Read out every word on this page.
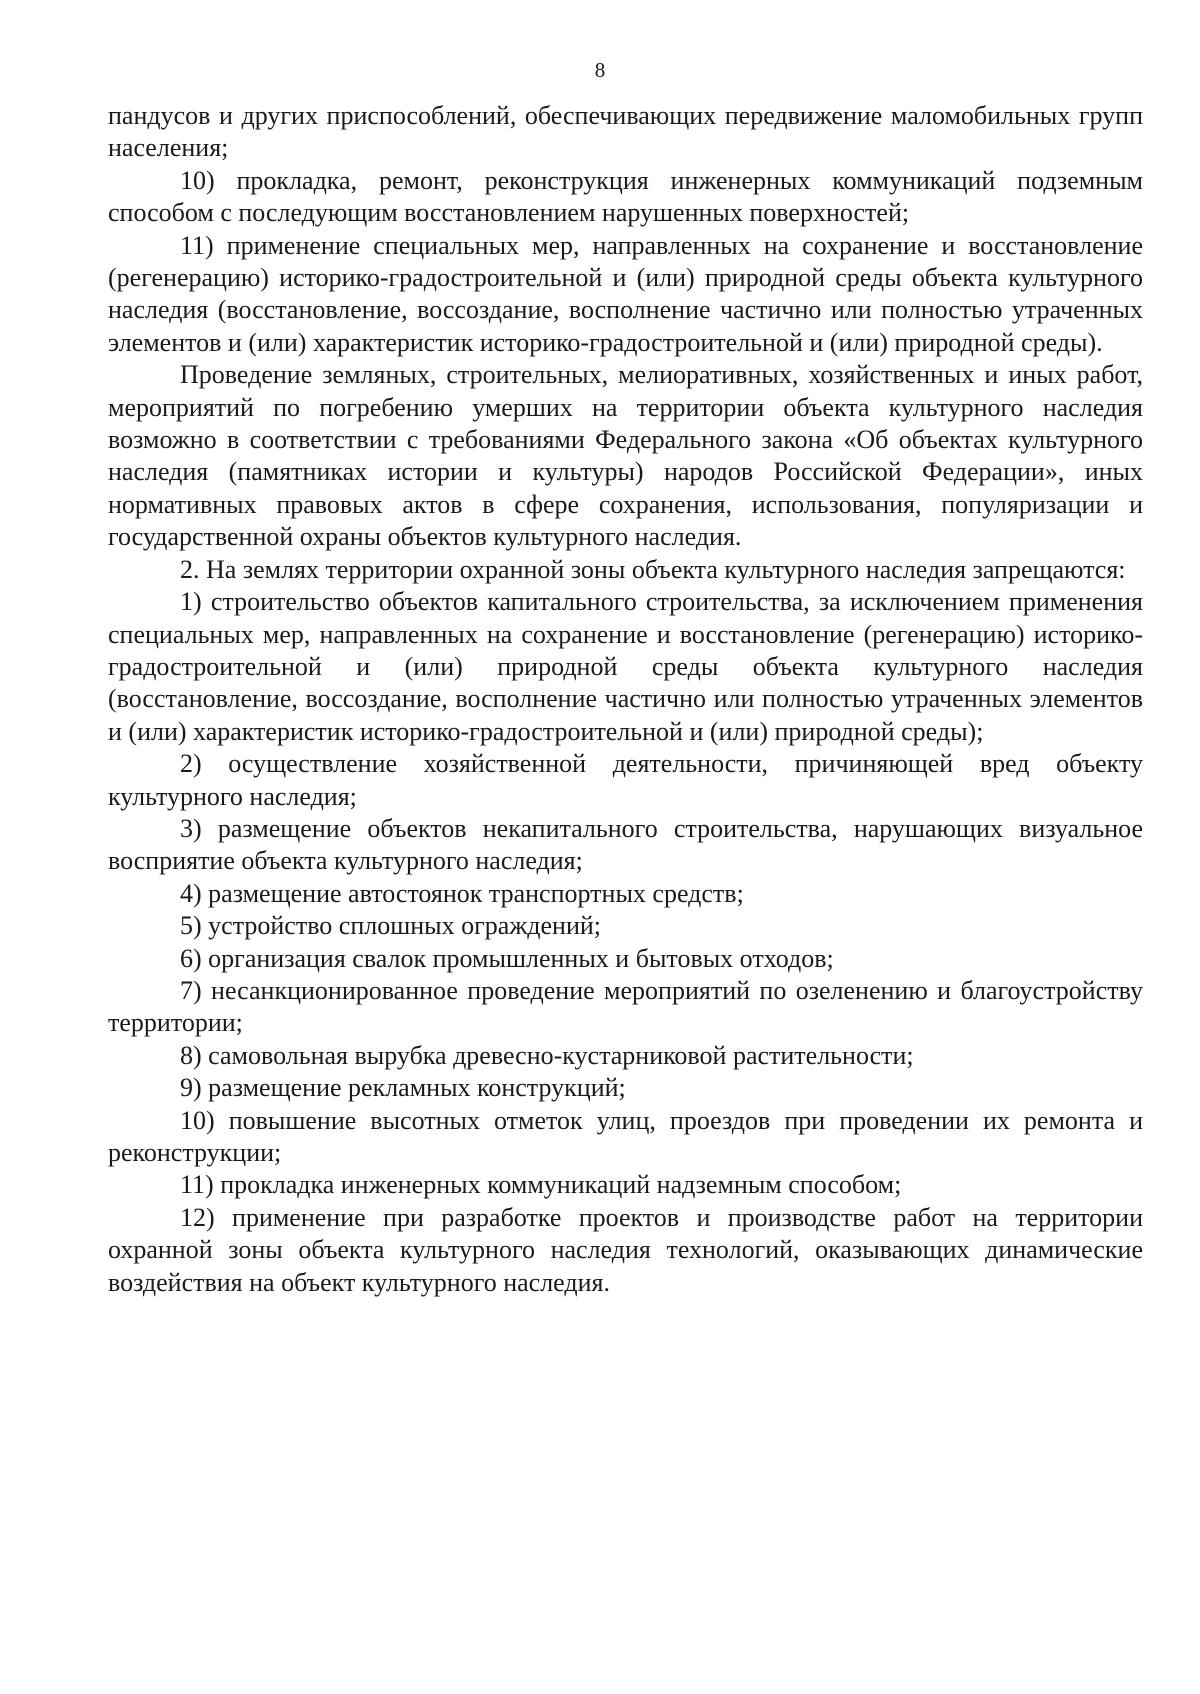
8

пандусов и других приспособлений, обеспечивающих передвижение маломобильных групп населения;

10) прокладка, ремонт, реконструкция инженерных коммуникаций подземным способом с последующим восстановлением нарушенных поверхностей;

11) применение специальных мер, направленных на сохранение и восстановление (регенерацию) историко-градостроительной и (или) природной среды объекта культурного наследия (восстановление, воссоздание, восполнение частично или полностью утраченных элементов и (или) характеристик историко-градостроительной и (или) природной среды).

Проведение земляных, строительных, мелиоративных, хозяйственных и иных работ, мероприятий по погребению умерших на территории объекта культурного наследия возможно в соответствии с требованиями Федерального закона «Об объектах культурного наследия (памятниках истории и культуры) народов Российской Федерации», иных нормативных правовых актов в сфере сохранения, использования, популяризации и государственной охраны объектов культурного наследия.

2. На землях территории охранной зоны объекта культурного наследия запрещаются:

1) строительство объектов капитального строительства, за исключением применения специальных мер, направленных на сохранение и восстановление (регенерацию) историко-градостроительной и (или) природной среды объекта культурного наследия (восстановление, воссоздание, восполнение частично или полностью утраченных элементов и (или) характеристик историко-градостроительной и (или) природной среды);

2) осуществление хозяйственной деятельности, причиняющей вред объекту культурного наследия;

3) размещение объектов некапитального строительства, нарушающих визуальное восприятие объекта культурного наследия;

4) размещение автостоянок транспортных средств;

5) устройство сплошных ограждений;

6) организация свалок промышленных и бытовых отходов;

7) несанкционированное проведение мероприятий по озеленению и благоустройству территории;

8) самовольная вырубка древесно-кустарниковой растительности;

9) размещение рекламных конструкций;

10) повышение высотных отметок улиц, проездов при проведении их ремонта и реконструкции;

11) прокладка инженерных коммуникаций надземным способом;

12) применение при разработке проектов и производстве работ на территории охранной зоны объекта культурного наследия технологий, оказывающих динамические воздействия на объект культурного наследия.
